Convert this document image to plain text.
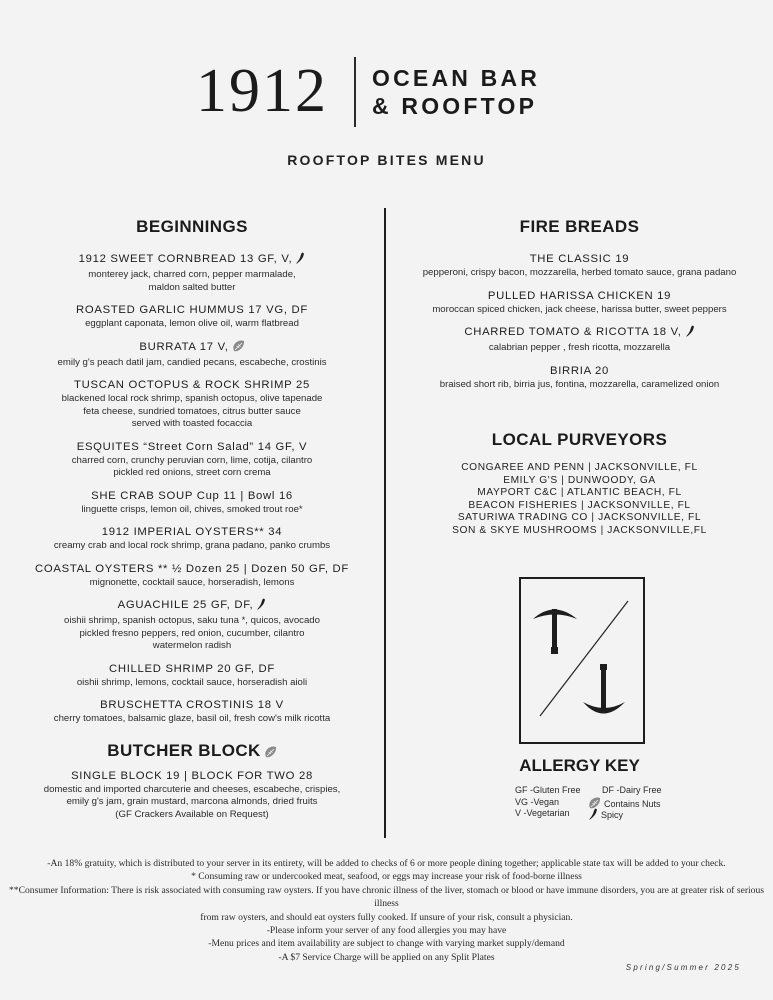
1912 OCEAN BAR
& ROOFTOP
ROOFTOP BITES MENU
BEGINNINGS
1912 SWEET CORNBREAD 13 GF, V,
monterey jack, charred corn, pepper marmalade,
maldon salted butter
ROASTED GARLIC HUMMUS 17 VG, DF
eggplant caponata, lemon olive oil, warm flatbread
BURRATA 17 V,
emily g's peach datil jam, candied pecans, escabeche, crostinis
TUSCAN OCTOPUS & ROCK SHRIMP 25
blackened local rock shrimp, spanish octopus, olive tapenade
feta cheese, sundried tomatoes, citrus butter sauce
served with toasted focaccia
ESQUITES “Street Corn Salad” 14 GF, V
charred corn, crunchy peruvian corn, lime, cotija, cilantro
pickled red onions, street corn crema
SHE CRAB SOUP Cup 11 | Bowl 16
linguette crisps, lemon oil, chives, smoked trout roe*
1912 IMPERIAL OYSTERS** 34
creamy crab and local rock shrimp, grana padano, panko crumbs
COASTAL OYSTERS ** ½ Dozen 25 | Dozen 50 GF, DF
mignonette, cocktail sauce, horseradish, lemons
AGUACHILE 25 GF, DF,
oishii shrimp, spanish octopus, saku tuna *, quicos, avocado
pickled fresno peppers, red onion, cucumber, cilantro
watermelon radish
CHILLED SHRIMP 20 GF, DF
oishii shrimp, lemons, cocktail sauce, horseradish aioli
BRUSCHETTA CROSTINIS 18 V
cherry tomatoes, balsamic glaze, basil oil, fresh cow's milk ricotta
BUTCHER BLOCK
SINGLE BLOCK 19 | BLOCK FOR TWO 28
domestic and imported charcuterie and cheeses, escabeche, crispies,
emily g's jam, grain mustard, marcona almonds, dried fruits
(GF Crackers Available on Request)
FIRE BREADS
THE CLASSIC 19
pepperoni, crispy bacon, mozzarella, herbed tomato sauce, grana padano
PULLED HARISSA CHICKEN 19
moroccan spiced chicken, jack cheese, harissa butter, sweet peppers
CHARRED TOMATO & RICOTTA 18 V,
calabrian pepper , fresh ricotta, mozzarella
BIRRIA 20
braised short rib, birria jus, fontina, mozzarella, caramelized onion
LOCAL PURVEYORS
CONGAREE AND PENN | JACKSONVILLE, FL
EMILY G'S | DUNWOODY, GA
MAYPORT C&C | ATLANTIC BEACH, FL
BEACON FISHERIES | JACKSONVILLE, FL
SATURIWA TRADING CO | JACKSONVILLE, FL
SON & SKYE MUSHROOMS | JACKSONVILLE,FL
ALLERGY KEY
GF -Gluten Free
VG -Vegan
V -Vegetarian
DF -Dairy Free
Contains Nuts
Spicy
-An 18% gratuity, which is distributed to your server in its entirety, will be added to checks of 6 or more people dining together; applicable state tax will be added to your check.
* Consuming raw or undercooked meat, seafood, or eggs may increase your risk of food-borne illness
**Consumer Information: There is risk associated with consuming raw oysters. If you have chronic illness of the liver, stomach or blood or have immune disorders, you are at greater risk of serious illness
from raw oysters, and should eat oysters fully cooked. If unsure of your risk, consult a physician.
-Please inform your server of any food allergies you may have
-Menu prices and item availability are subject to change with varying market supply/demand
-A $7 Service Charge will be applied on any Split Plates
Spring/Summer 2025
